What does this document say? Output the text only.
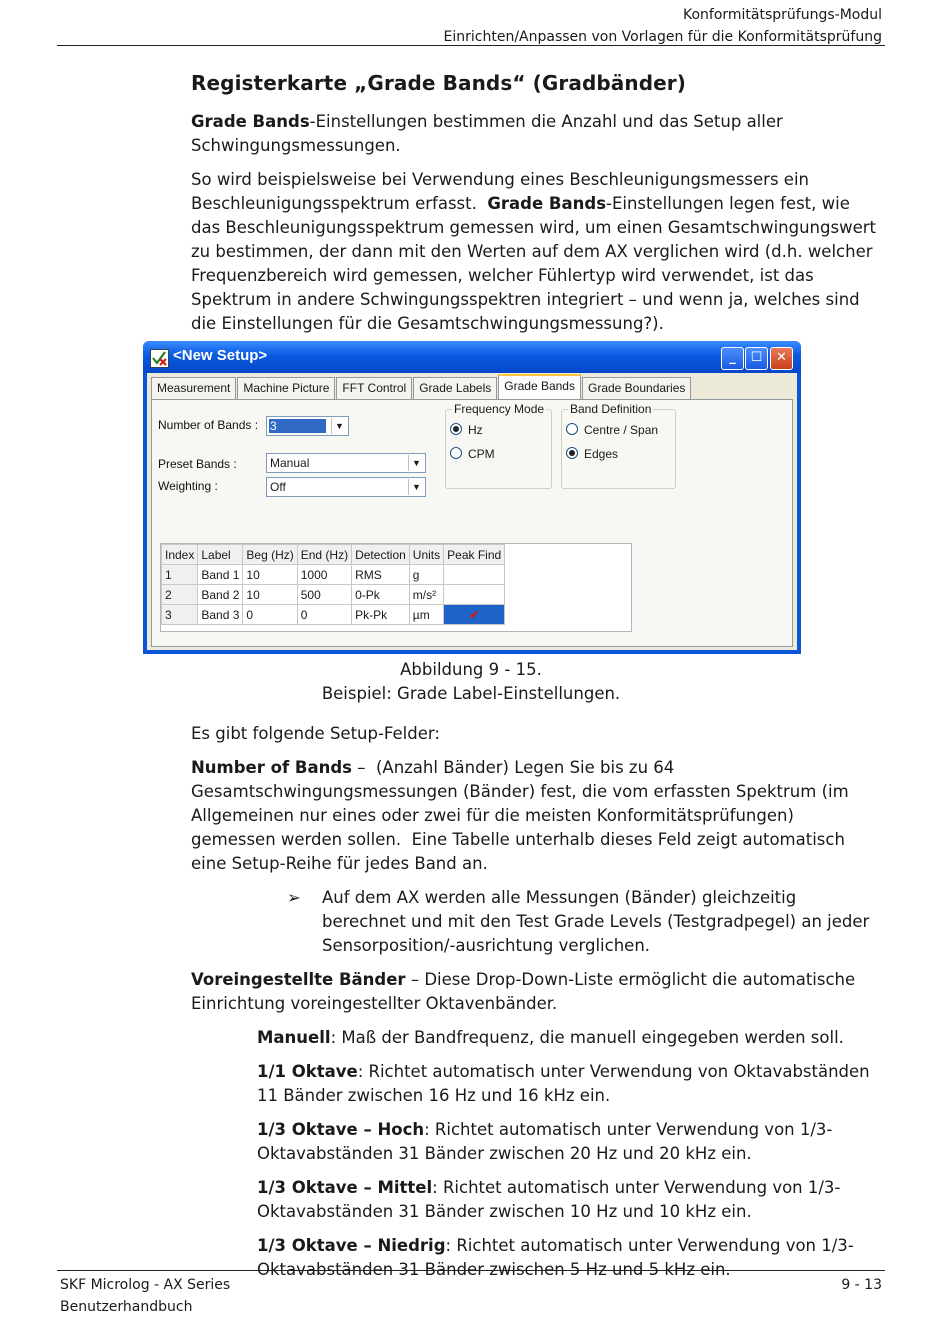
Konformitätsprüfungs-Modul
Einrichten/Anpassen von Vorlagen für die Konformitätsprüfung
Registerkarte „Grade Bands“ (Gradbänder)

Grade Bands-Einstellungen bestimmen die Anzahl und das Setup aller Schwingungsmessungen.

So wird beispielsweise bei Verwendung eines Beschleunigungsmessers ein Beschleunigungsspektrum erfasst.  Grade Bands-Einstellungen legen fest, wie das Beschleunigungsspektrum gemessen wird, um einen Gesamtschwingungswert zu bestimmen, der dann mit den Werten auf dem AX verglichen wird (d.h. welcher Frequenzbereich wird gemessen, welcher Fühlertyp wird verwendet, ist das Spektrum in andere Schwingungsspektren integriert – und wenn ja, welches sind die Einstellungen für die Gesamtschwingungsmessung?).

<New Setup>	_	☐	✕
Measurement	Machine Picture	FFT Control	Grade Labels	Grade Bands	Grade Boundaries
Number of Bands : 3	▼
Preset Bands :	Manual	▼
Weighting :	Off	▼
Frequency Mode
Hz
CPM
Band Definition
Centre / Span
Edges
Index	Label	Beg (Hz)	End (Hz)	Detection	Units	Peak Find
1	Band 1	10	1000	RMS	g	
2	Band 2	10	500	0-Pk	m/s²	
3	Band 3	0	0	Pk-Pk	µm	✔
Abbildung 9 - 15.
Beispiel: Grade Label-Einstellungen.

Es gibt folgende Setup-Felder:

Number of Bands –  (Anzahl Bänder) Legen Sie bis zu 64 Gesamtschwingungsmessungen (Bänder) fest, die vom erfassten Spektrum (im Allgemeinen nur eines oder zwei für die meisten Konformitätsprüfungen) gemessen werden sollen.  Eine Tabelle unterhalb dieses Feld zeigt automatisch eine Setup-Reihe für jedes Band an.

➢	Auf dem AX werden alle Messungen (Bänder) gleichzeitig berechnet und mit den Test Grade Levels (Testgradpegel) an jeder Sensorposition/-ausrichtung verglichen.

Voreingestellte Bänder – Diese Drop-Down-Liste ermöglicht die automatische Einrichtung voreingestellter Oktavenbänder.

Manuell: Maß der Bandfrequenz, die manuell eingegeben werden soll.

1/1 Oktave: Richtet automatisch unter Verwendung von Oktavabständen 11 Bänder zwischen 16 Hz und 16 kHz ein.

1/3 Oktave – Hoch: Richtet automatisch unter Verwendung von 1/3-Oktavabständen 31 Bänder zwischen 20 Hz und 20 kHz ein.

1/3 Oktave – Mittel: Richtet automatisch unter Verwendung von 1/3-Oktavabständen 31 Bänder zwischen 10 Hz und 10 kHz ein.

1/3 Oktave – Niedrig: Richtet automatisch unter Verwendung von 1/3-Oktavabständen 31 Bänder zwischen 5 Hz und 5 kHz ein.

SKF Microlog - AX Series
Benutzerhandbuch
9 - 13
